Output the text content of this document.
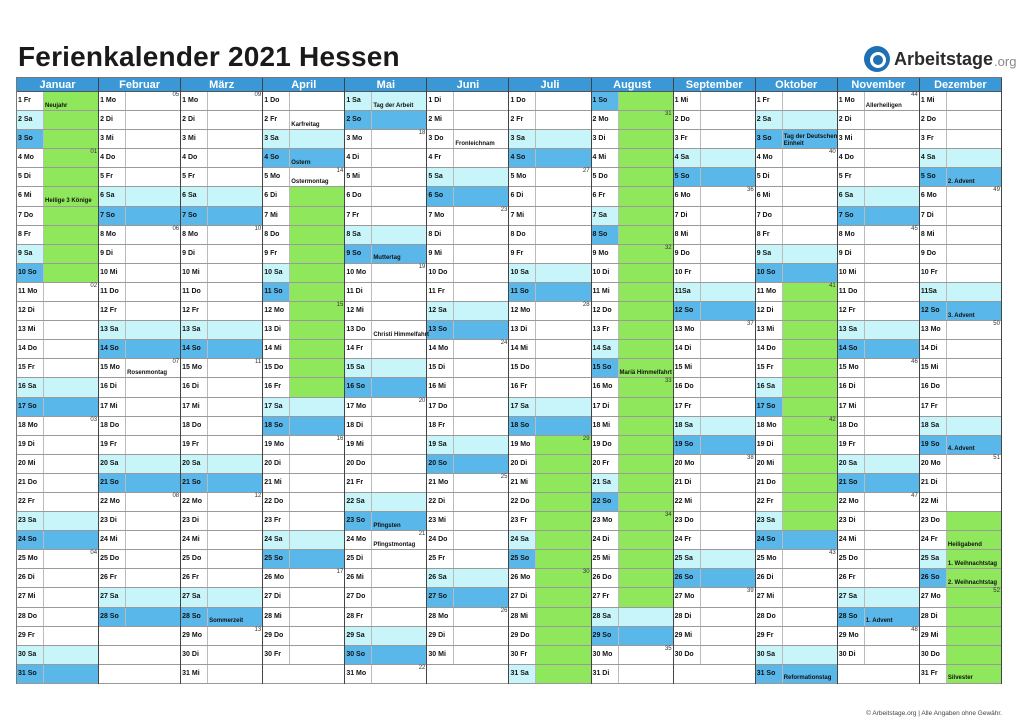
Ferienkalender 2021 Hessen	Arbeitstage .org
Januar
1 Fr
Neujahr
2 Sa
3 So
4 Mo
01
5 Di
6 Mi
Heilige 3 Könige
7 Do
8 Fr
9 Sa
10 So
11 Mo
02
12 Di
13 Mi
14 Do
15 Fr
16 Sa
17 So
18 Mo
03
19 Di
20 Mi
21 Do
22 Fr
23 Sa
24 So
25 Mo
04
26 Di
27 Mi
28 Do
29 Fr
30 Sa
31 So
Februar
1 Mo
05
2 Di
3 Mi
4 Do
5 Fr
6 Sa
7 So
8 Mo
06
9 Di
10 Mi
11 Do
12 Fr
13 Sa
14 So
15 Mo
Rosenmontag
07
16 Di
17 Mi
18 Do
19 Fr
20 Sa
21 So
22 Mo
08
23 Di
24 Mi
25 Do
26 Fr
27 Sa
28 So
März
1 Mo
09
2 Di
3 Mi
4 Do
5 Fr
6 Sa
7 So
8 Mo
10
9 Di
10 Mi
11 Do
12 Fr
13 Sa
14 So
15 Mo
11
16 Di
17 Mi
18 Do
19 Fr
20 Sa
21 So
22 Mo
12
23 Di
24 Mi
25 Do
26 Fr
27 Sa
28 So
Sommerzeit
29 Mo
13
30 Di
31 Mi
April
1 Do
2 Fr
Karfreitag
3 Sa
4 So
Ostern
5 Mo
Ostermontag
14
6 Di
7 Mi
8 Do
9 Fr
10 Sa
11 So
12 Mo
15
13 Di
14 Mi
15 Do
16 Fr
17 Sa
18 So
19 Mo
16
20 Di
21 Mi
22 Do
23 Fr
24 Sa
25 So
26 Mo
17
27 Di
28 Mi
29 Do
30 Fr
Mai
1 Sa
Tag der Arbeit
2 So
3 Mo
18
4 Di
5 Mi
6 Do
7 Fr
8 Sa
9 So
Muttertag
10 Mo
19
11 Di
12 Mi
13 Do
Christi Himmelfahrt
14 Fr
15 Sa
16 So
17 Mo
20
18 Di
19 Mi
20 Do
21 Fr
22 Sa
23 So
Pfingsten
24 Mo
Pfingstmontag
21
25 Di
26 Mi
27 Do
28 Fr
29 Sa
30 So
31 Mo
22
Juni
1 Di
2 Mi
3 Do
Fronleichnam
4 Fr
5 Sa
6 So
7 Mo
23
8 Di
9 Mi
10 Do
11 Fr
12 Sa
13 So
14 Mo
24
15 Di
16 Mi
17 Do
18 Fr
19 Sa
20 So
21 Mo
25
22 Di
23 Mi
24 Do
25 Fr
26 Sa
27 So
28 Mo
26
29 Di
30 Mi
Juli
1 Do
2 Fr
3 Sa
4 So
5 Mo
27
6 Di
7 Mi
8 Do
9 Fr
10 Sa
11 So
12 Mo
28
13 Di
14 Mi
15 Do
16 Fr
17 Sa
18 So
19 Mo
29
20 Di
21 Mi
22 Do
23 Fr
24 Sa
25 So
26 Mo
30
27 Di
28 Mi
29 Do
30 Fr
31 Sa
August
1 So
2 Mo
31
3 Di
4 Mi
5 Do
6 Fr
7 Sa
8 So
9 Mo
32
10 Di
11 Mi
12 Do
13 Fr
14 Sa
15 So
Mariä Himmelfahrt
16 Mo
33
17 Di
18 Mi
19 Do
20 Fr
21 Sa
22 So
23 Mo
34
24 Di
25 Mi
26 Do
27 Fr
28 Sa
29 So
30 Mo
35
31 Di
September
1 Mi
2 Do
3 Fr
4 Sa
5 So
6 Mo
36
7 Di
8 Mi
9 Do
10 Fr
11Sa
12 So
13 Mo
37
14 Di
15 Mi
16 Do
17 Fr
18 Sa
19 So
20 Mo
38
21 Di
22 Mi
23 Do
24 Fr
25 Sa
26 So
27 Mo
39
28 Di
29 Mi
30 Do
Oktober
1 Fr
2 Sa
3 So	Tag der Deutschen Einheit
4 Mo
40
5 Di
6 Mi
7 Do
8 Fr
9 Sa
10 So
11 Mo
41
12 Di
13 Mi
14 Do
15 Fr
16 Sa
17 So
18 Mo
42
19 Di
20 Mi
21 Do
22 Fr
23 Sa
24 So
25 Mo
43
26 Di
27 Mi
28 Do
29 Fr
30 Sa
31 So
Reformationstag
November
1 Mo
Allerheiligen
44
2 Di
3 Mi
4 Do
5 Fr
6 Sa
7 So
8 Mo
45
9 Di
10 Mi
11 Do
12 Fr
13 Sa
14 So
15 Mo
46
16 Di
17 Mi
18 Do
19 Fr
20 Sa
21 So
22 Mo
47
23 Di
24 Mi
25 Do
26 Fr
27 Sa
28 So
1. Advent
29 Mo
48
30 Di
Dezember
1 Mi
2 Do
3 Fr
4 Sa
5 So
2. Advent
6 Mo
49
7 Di
8 Mi
9 Do
10 Fr
11Sa
12 So
3. Advent
13 Mo
50
14 Di
15 Mi
16 Do
17 Fr
18 Sa
19 So
4. Advent
20 Mo
51
21 Di
22 Mi
23 Do
24 Fr
Heiligabend
25 Sa
1. Weihnachtstag
26 So
2. Weihnachtstag
27 Mo
52
28 Di
29 Mi
30 Do
31 Fr
Silvester
© Arbeitstage.org | Alle Angaben ohne Gewähr.
